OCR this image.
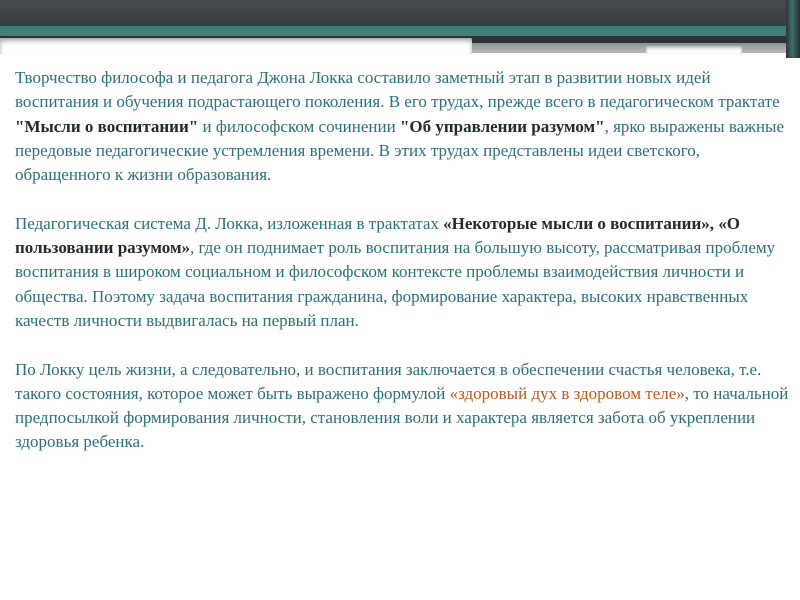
Творчество философа и педагога Джона Локка составило заметный этап в развитии новых идей воспитания и обучения подрастающего поколения. В его трудах, прежде всего в педагогическом трактате "Мысли о воспитании" и философском сочинении "Об управлении разумом", ярко выражены важные передовые педагогические устремления времени. В этих трудах представлены идеи светского, обращенного к жизни образования.

Педагогическая система Д. Локка, изложенная в трактатах «Некоторые мысли о воспитании», «О пользовании разумом», где он поднимает роль воспитания на большую высоту, рассматривая проблему воспитания в широком социальном и философском контексте проблемы взаимодействия личности и общества. Поэтому задача воспитания гражданина, формирование характера, высоких нравственных качеств личности выдвигалась на первый план.

По Локку цель жизни, а следовательно, и воспитания заключается в обеспечении счастья человека, т.е. такого состояния, которое может быть выражено формулой «здоровый дух в здоровом теле», то начальной предпосылкой формирования личности, становления воли и характера является забота об укреплении здоровья ребенка.
